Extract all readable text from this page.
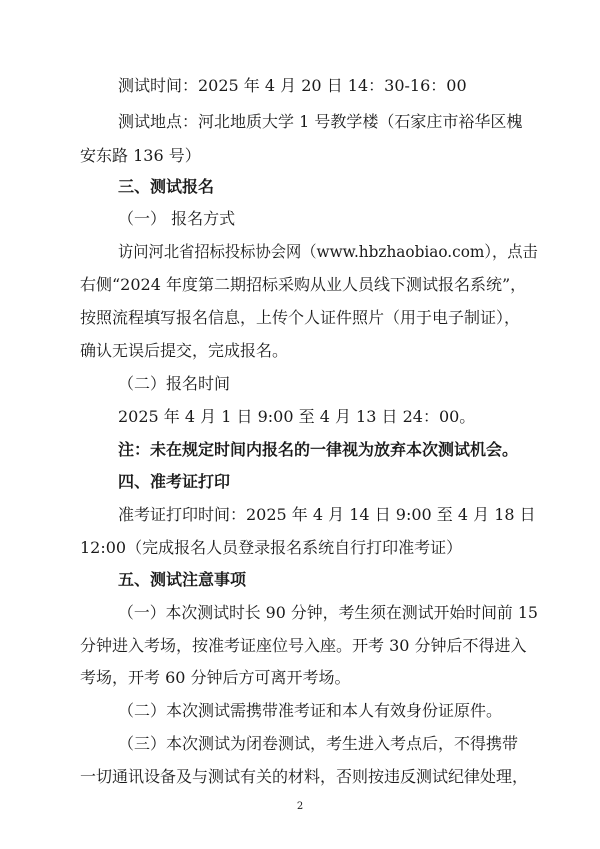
测试时间：2025 年 4 月 20 日 14：30-16：00
测试地点：河北地质大学 1 号教学楼（石家庄市裕华区槐
安东路 136 号）
三、测试报名
（一） 报名方式
访问河北省招标投标协会网（www.hbzhaobiao.com），点击
右侧“2024 年度第二期招标采购从业人员线下测试报名系统”，
按照流程填写报名信息，上传个人证件照片（用于电子制证），
确认无误后提交，完成报名。
（二）报名时间
2025 年 4 月 1 日 9:00 至 4 月 13 日 24：00。
注：未在规定时间内报名的一律视为放弃本次测试机会。
四、准考证打印
准考证打印时间：2025 年 4 月 14 日 9:00 至 4 月 18 日
12:00（完成报名人员登录报名系统自行打印准考证）
五、测试注意事项
（一）本次测试时长 90 分钟，考生须在测试开始时间前 15
分钟进入考场，按准考证座位号入座。开考 30 分钟后不得进入
考场，开考 60 分钟后方可离开考场。
（二）本次测试需携带准考证和本人有效身份证原件。
（三）本次测试为闭卷测试，考生进入考点后，不得携带
一切通讯设备及与测试有关的材料，否则按违反测试纪律处理，
2
